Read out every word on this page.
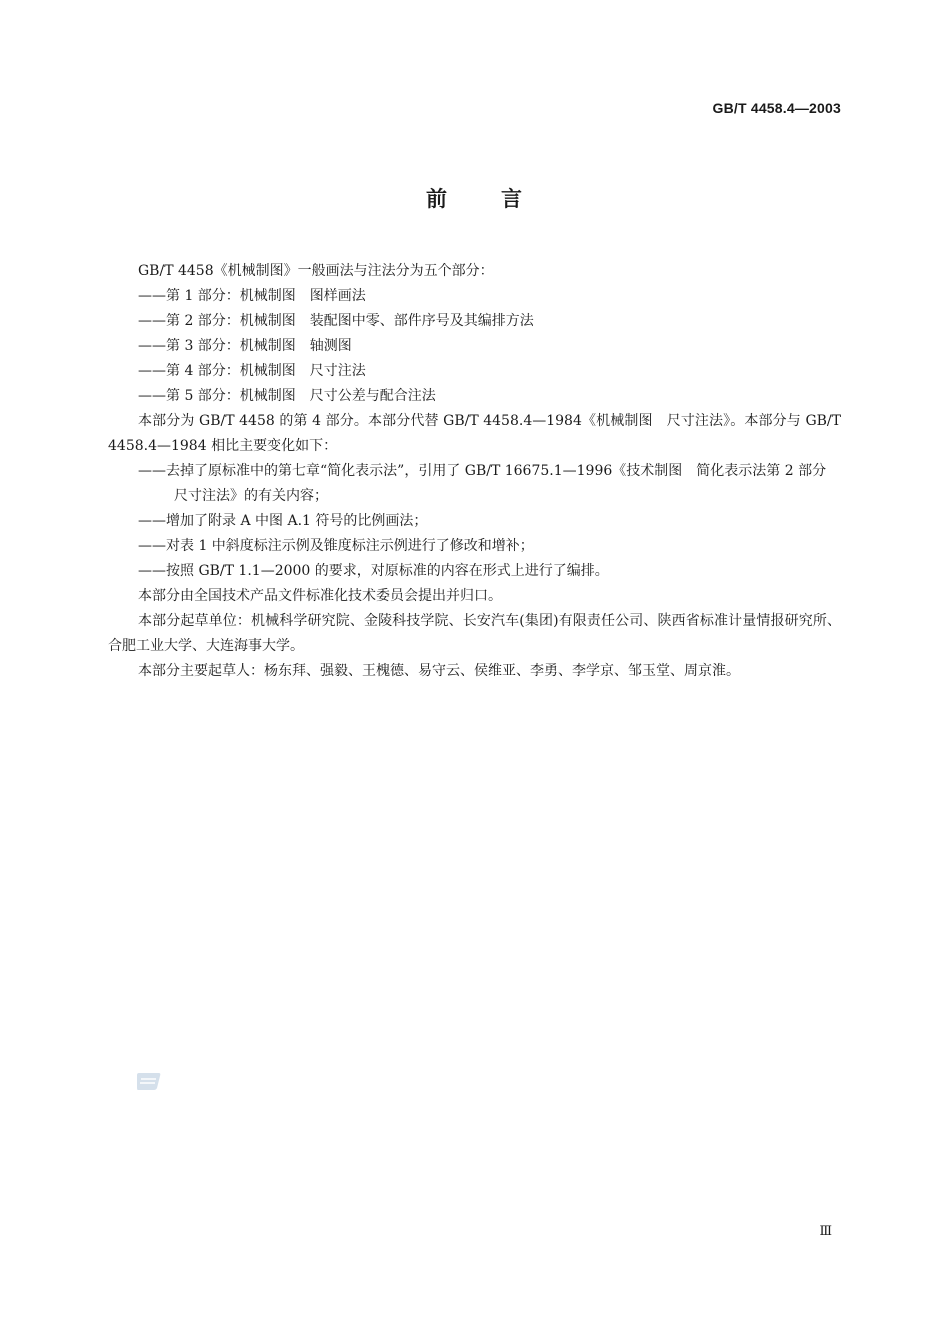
GB/T 4458.4—2003
前 言

GB/T 4458《机械制图》一般画法与注法分为五个部分：

——第 1 部分：机械制图　图样画法

——第 2 部分：机械制图　装配图中零、部件序号及其编排方法

——第 3 部分：机械制图　轴测图

——第 4 部分：机械制图　尺寸注法

——第 5 部分：机械制图　尺寸公差与配合注法

本部分为 GB/T 4458 的第 4 部分。本部分代替 GB/T 4458.4—1984《机械制图　尺寸注法》。本部分与 GB/T 4458.4—1984 相比主要变化如下：

——去掉了原标准中的第七章“简化表示法”，引用了 GB/T 16675.1—1996《技术制图　简化表示法第 2 部分　尺寸注法》的有关内容；

——增加了附录 A 中图 A.1 符号的比例画法；

——对表 1 中斜度标注示例及锥度标注示例进行了修改和增补；

——按照 GB/T 1.1—2000 的要求，对原标准的内容在形式上进行了编排。

本部分由全国技术产品文件标准化技术委员会提出并归口。

本部分起草单位：机械科学研究院、金陵科技学院、长安汽车(集团)有限责任公司、陕西省标准计量情报研究所、合肥工业大学、大连海事大学。

本部分主要起草人：杨东拜、强毅、王槐德、易守云、侯维亚、李勇、李学京、邹玉堂、周京淮。

Ⅲ
